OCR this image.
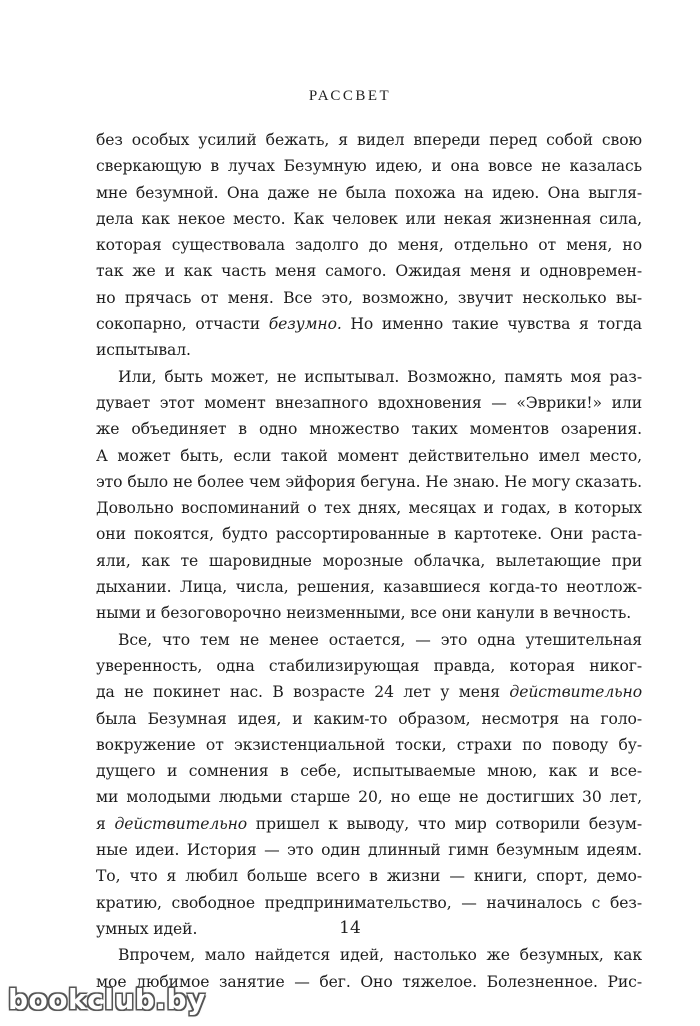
РАССВЕТ

без особых усилий бежать, я видел впереди перед собой свою
сверкающую в лучах Безумную идею, и она вовсе не казалась
мне безумной. Она даже не была похожа на идею. Она выгля-
дела как некое место. Как человек или некая жизненная сила,
которая существовала задолго до меня, отдельно от меня, но
так же и как часть меня самого. Ожидая меня и одновремен-
но прячась от меня. Все это, возможно, звучит несколько вы-
сокопарно, отчасти безумно. Но именно такие чувства я тогда
испытывал.

Или, быть может, не испытывал. Возможно, память моя раз-
дувает этот момент внезапного вдохновения — «Эврики!» или
же объединяет в одно множество таких моментов озарения.
А может быть, если такой момент действительно имел место,
это было не более чем эйфория бегуна. Не знаю. Не могу сказать.
Довольно воспоминаний о тех днях, месяцах и годах, в которых
они покоятся, будто рассортированные в картотеке. Они раста-
яли, как те шаровидные морозные облачка, вылетающие при
дыхании. Лица, числа, решения, казавшиеся когда-то неотлож-
ными и безоговорочно неизменными, все они канули в вечность.

Все, что тем не менее остается, — это одна утешительная
уверенность, одна стабилизирующая правда, которая никог-
да не покинет нас. В возрасте 24 лет у меня действительно
была Безумная идея, и каким-то образом, несмотря на голо-
вокружение от экзистенциальной тоски, страхи по поводу бу-
дущего и сомнения в себе, испытываемые мною, как и все-
ми молодыми людьми старше 20, но еще не достигших 30 лет,
я действительно пришел к выводу, что мир сотворили безум-
ные идеи. История — это один длинный гимн безумным идеям.
То, что я любил больше всего в жизни — книги, спорт, демо-
кратию, свободное предпринимательство, — начиналось с без-
умных идей.

Впрочем, мало найдется идей, настолько же безумных, как
мое любимое занятие — бег. Оно тяжелое. Болезненное. Рис-

14
bookclub.by
